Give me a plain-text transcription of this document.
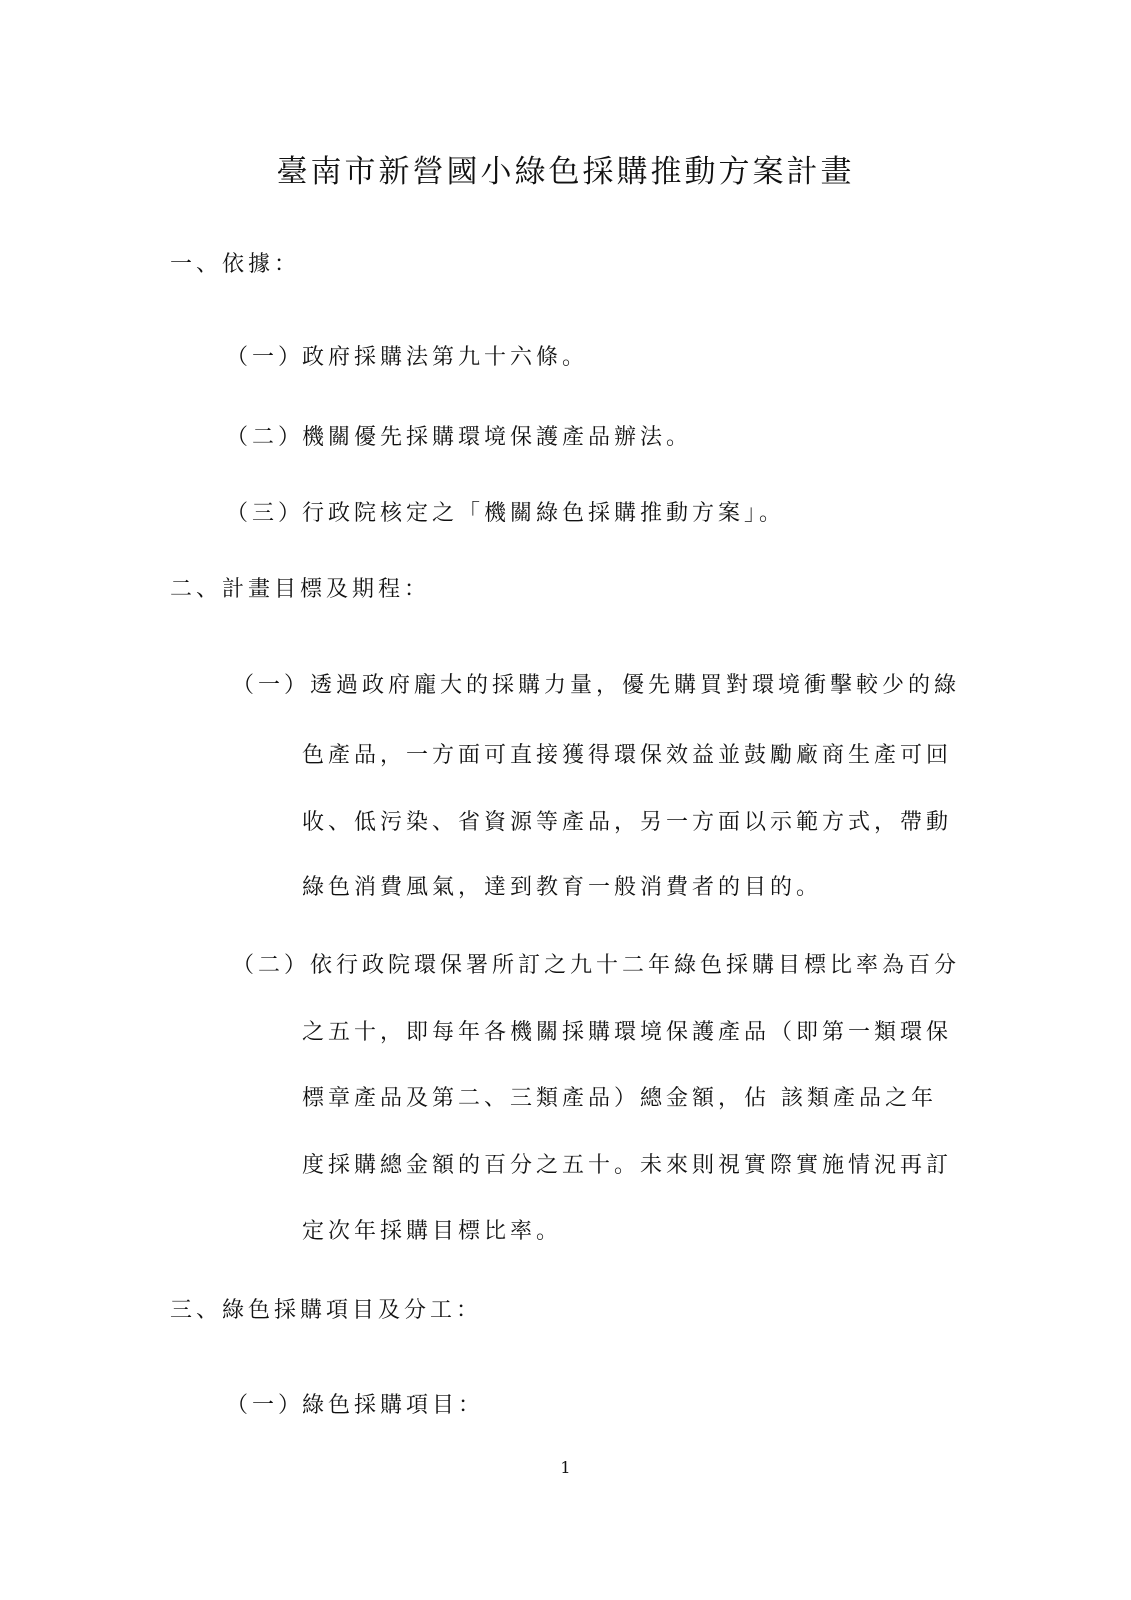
臺南市新營國小綠色採購推動方案計畫

一、依據：

（一）政府採購法第九十六條。

（二）機關優先採購環境保護產品辦法。

（三）行政院核定之「機關綠色採購推動方案」。

二、計畫目標及期程：

（一）透過政府龐大的採購力量，優先購買對環境衝擊較少的綠

色產品，一方面可直接獲得環保效益並鼓勵廠商生產可回

收、低污染、省資源等產品，另一方面以示範方式，帶動

綠色消費風氣，達到教育一般消費者的目的。

（二）依行政院環保署所訂之九十二年綠色採購目標比率為百分

之五十，即每年各機關採購環境保護產品（即第一類環保

標章產品及第二、三類產品）總金額，佔 該類產品之年

度採購總金額的百分之五十。未來則視實際實施情況再訂

定次年採購目標比率。

三、綠色採購項目及分工：

（一）綠色採購項目：

1
